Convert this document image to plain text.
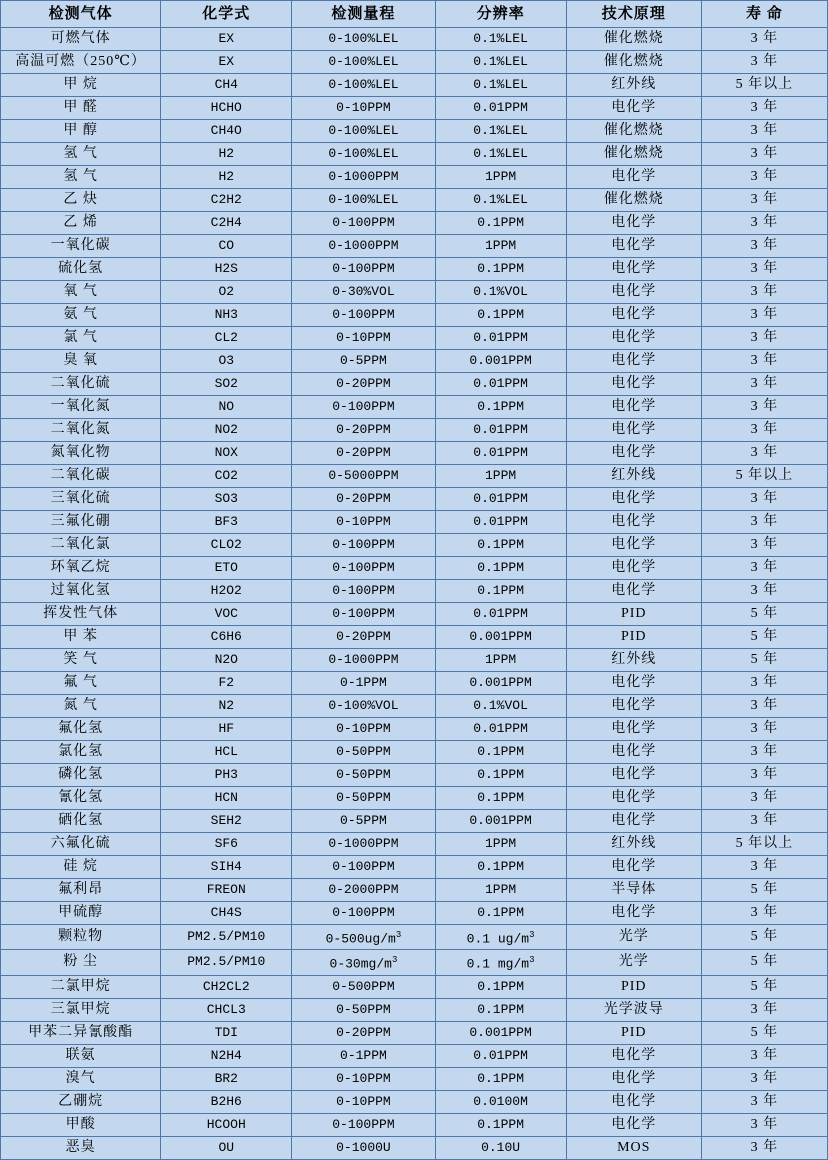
检测气体	化学式	检测量程	分辨率	技术原理	寿 命
可燃气体	EX	0-100%LEL	0.1%LEL	催化燃烧	3 年
高温可燃（250℃）	EX	0-100%LEL	0.1%LEL	催化燃烧	3 年
甲 烷	CH4	0-100%LEL	0.1%LEL	红外线	5 年以上
甲 醛	HCHO	0-10PPM	0.01PPM	电化学	3 年
甲 醇	CH4O	0-100%LEL	0.1%LEL	催化燃烧	3 年
氢 气	H2	0-100%LEL	0.1%LEL	催化燃烧	3 年
氢 气	H2	0-1000PPM	1PPM	电化学	3 年
乙 炔	C2H2	0-100%LEL	0.1%LEL	催化燃烧	3 年
乙 烯	C2H4	0-100PPM	0.1PPM	电化学	3 年
一氧化碳	CO	0-1000PPM	1PPM	电化学	3 年
硫化氢	H2S	0-100PPM	0.1PPM	电化学	3 年
氧 气	O2	0-30%VOL	0.1%VOL	电化学	3 年
氨 气	NH3	0-100PPM	0.1PPM	电化学	3 年
氯 气	CL2	0-10PPM	0.01PPM	电化学	3 年
臭 氧	O3	0-5PPM	0.001PPM	电化学	3 年
二氧化硫	SO2	0-20PPM	0.01PPM	电化学	3 年
一氧化氮	NO	0-100PPM	0.1PPM	电化学	3 年
二氧化氮	NO2	0-20PPM	0.01PPM	电化学	3 年
氮氧化物	NOX	0-20PPM	0.01PPM	电化学	3 年
二氧化碳	CO2	0-5000PPM	1PPM	红外线	5 年以上
三氧化硫	SO3	0-20PPM	0.01PPM	电化学	3 年
三氟化硼	BF3	0-10PPM	0.01PPM	电化学	3 年
二氧化氯	CLO2	0-100PPM	0.1PPM	电化学	3 年
环氧乙烷	ETO	0-100PPM	0.1PPM	电化学	3 年
过氧化氢	H2O2	0-100PPM	0.1PPM	电化学	3 年
挥发性气体	VOC	0-100PPM	0.01PPM	PID	5 年
甲 苯	C6H6	0-20PPM	0.001PPM	PID	5 年
笑 气	N2O	0-1000PPM	1PPM	红外线	5 年
氟 气	F2	0-1PPM	0.001PPM	电化学	3 年
氮 气	N2	0-100%VOL	0.1%VOL	电化学	3 年
氟化氢	HF	0-10PPM	0.01PPM	电化学	3 年
氯化氢	HCL	0-50PPM	0.1PPM	电化学	3 年
磷化氢	PH3	0-50PPM	0.1PPM	电化学	3 年
氰化氢	HCN	0-50PPM	0.1PPM	电化学	3 年
硒化氢	SEH2	0-5PPM	0.001PPM	电化学	3 年
六氟化硫	SF6	0-1000PPM	1PPM	红外线	5 年以上
硅 烷	SIH4	0-100PPM	0.1PPM	电化学	3 年
氟利昂	FREON	0-2000PPM	1PPM	半导体	5 年
甲硫醇	CH4S	0-100PPM	0.1PPM	电化学	3 年
颗粒物	PM2.5/PM10	$0-500ug/m^3$	0.1 $ug/m^3$	光学	5 年
粉 尘	PM2.5/PM10	$0-30mg/m^3$	0.1 $mg/m^3$	光学	5 年
二氯甲烷	CH2CL2	0-500PPM	0.1PPM	PID	5 年
三氯甲烷	CHCL3	0-50PPM	0.1PPM	光学波导	3 年
甲苯二异氰酸酯	TDI	0-20PPM	0.001PPM	PID	5 年
联氨	N2H4	0-1PPM	0.01PPM	电化学	3 年
溴气	BR2	0-10PPM	0.1PPM	电化学	3 年
乙硼烷	B2H6	0-10PPM	0.0100M	电化学	3 年
甲酸	HCOOH	0-100PPM	0.1PPM	电化学	3 年
恶臭	OU	0-1000U	0.10U	MOS	3 年
